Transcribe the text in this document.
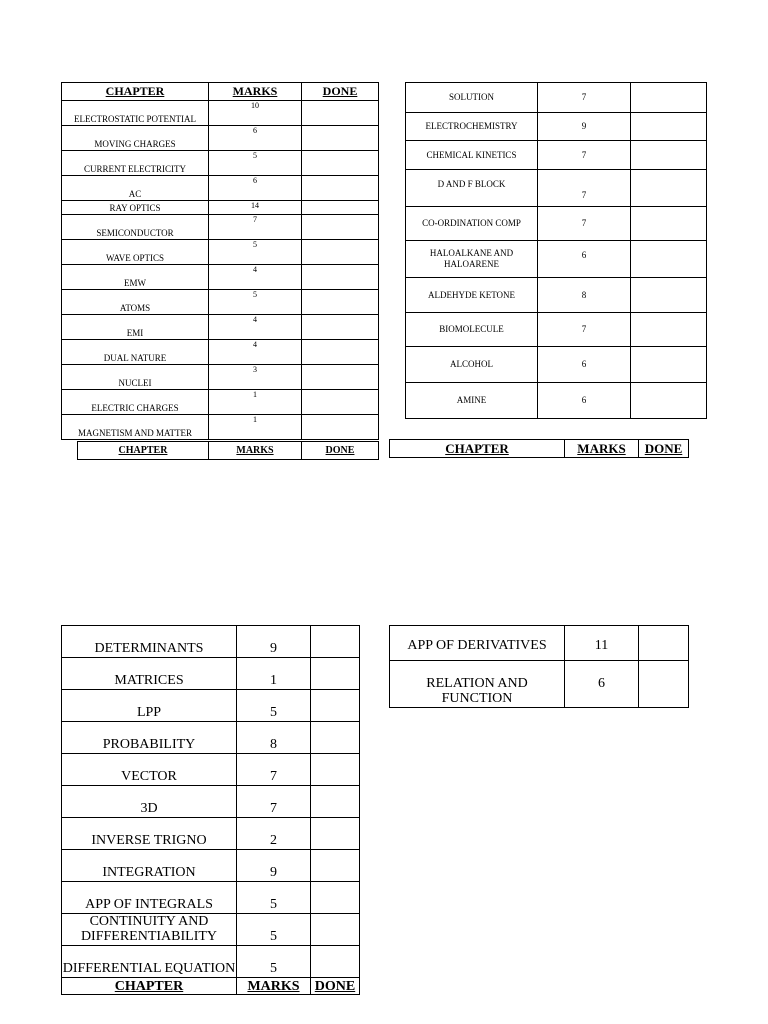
CHAPTER	MARKS	DONE
ELECTROSTATIC POTENTIAL	10	
MOVING CHARGES	6	
CURRENT ELECTRICITY	5	
AC	6	
RAY OPTICS	14	
SEMICONDUCTOR	7	
WAVE OPTICS	5	
EMW	4	
ATOMS	5	
EMI	4	
DUAL NATURE	4	
NUCLEI	3	
ELECTRIC CHARGES	1	
MAGNETISM AND MATTER	1	
CHAPTER	MARKS	DONE
SOLUTION	7	
ELECTROCHEMISTRY	9	
CHEMICAL KINETICS	7	
D AND F BLOCK	7	
CO-ORDINATION COMP	7	
HALOALKANE AND HALOARENE	6	
ALDEHYDE KETONE	8	
BIOMOLECULE	7	
ALCOHOL	6	
AMINE	6	
CHAPTER	MARKS	DONE
DETERMINANTS	9	
MATRICES	1	
LPP	5	
PROBABILITY	8	
VECTOR	7	
3D	7	
INVERSE TRIGNO	2	
INTEGRATION	9	
APP OF INTEGRALS	5	
CONTINUITY AND DIFFERENTIABILITY	5	
DIFFERENTIAL EQUATION	5	
CHAPTER	MARKS	DONE
APP OF DERIVATIVES	11	
RELATION AND FUNCTION	6	
